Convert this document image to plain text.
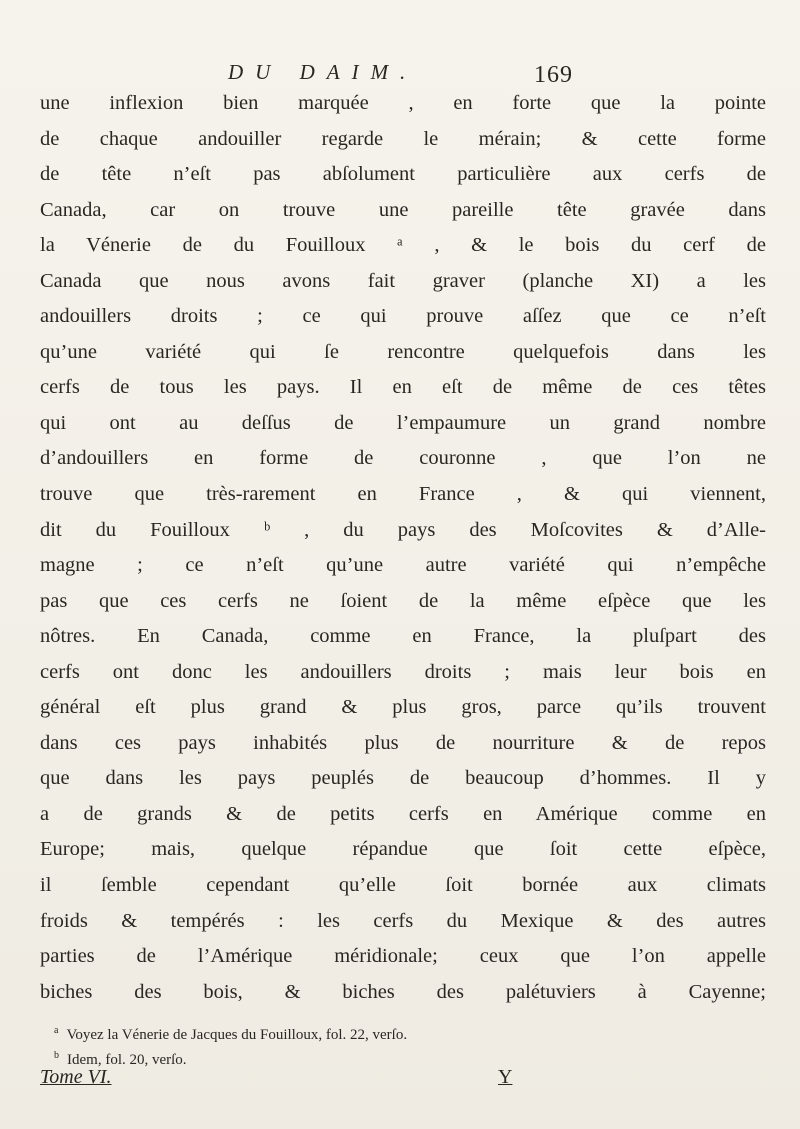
DU DAIM.	169
une inflexion bien marquée , en forte que la pointe
de chaque andouiller regarde le mérain; & cette forme
de tête n’eſt pas abſolument particulière aux cerfs de
Canada, car on trouve une pareille tête gravée dans
la Vénerie de du Fouilloux ᵃ , & le bois du cerf de
Canada que nous avons fait graver (planche XI) a les
andouillers droits ; ce qui prouve aſſez que ce n’eſt
qu’une variété qui ſe rencontre quelquefois dans les
cerfs de tous les pays. Il en eſt de même de ces têtes
qui ont au deſſus de l’empaumure un grand nombre
d’andouillers en forme de couronne , que l’on ne
trouve que très-rarement en France , & qui viennent,
dit du Fouilloux ᵇ , du pays des Moſcovites & d’Alle-
magne ; ce n’eſt qu’une autre variété qui n’empêche
pas que ces cerfs ne ſoient de la même eſpèce que les
nôtres. En Canada, comme en France, la pluſpart des
cerfs ont donc les andouillers droits ; mais leur bois en
général eſt plus grand & plus gros, parce qu’ils trouvent
dans ces pays inhabités plus de nourriture & de repos
que dans les pays peuplés de beaucoup d’hommes. Il y
a de grands & de petits cerfs en Amérique comme en
Europe; mais, quelque répandue que ſoit cette eſpèce,
il ſemble cependant qu’elle ſoit bornée aux climats
froids & tempérés : les cerfs du Mexique & des autres
parties de l’Amérique méridionale; ceux que l’on appelle
biches des bois, & biches des palétuviers à Cayenne;
$^a$ Voyez la Vénerie de Jacques du Fouilloux, fol. 22, verſo.
$^b$ Idem, fol. 20, verſo.
Tome VI.	Y
